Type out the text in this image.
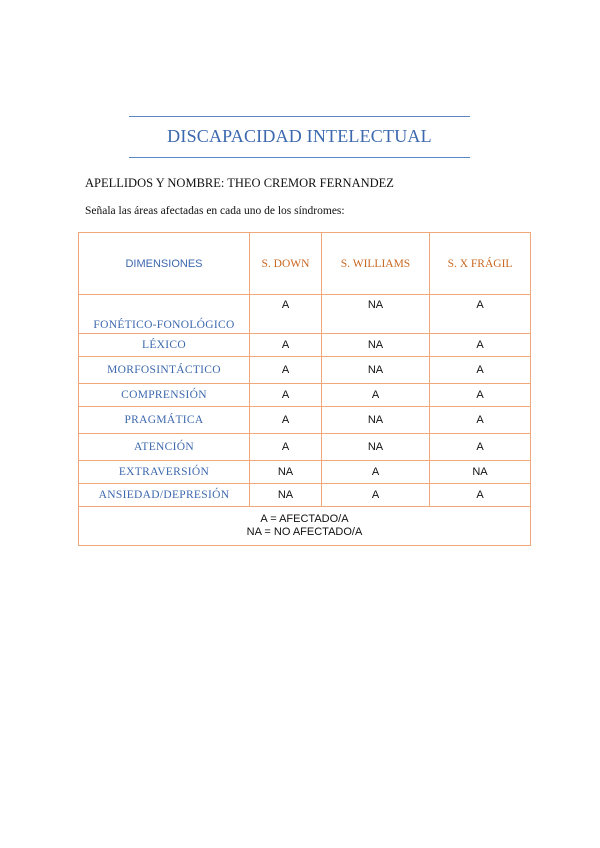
DISCAPACIDAD INTELECTUAL
APELLIDOS Y NOMBRE: THEO CREMOR FERNANDEZ
Señala las áreas afectadas en cada uno de los síndromes:
DIMENSIONES	S. DOWN	S. WILLIAMS	S. X FRÁGIL
FONÉTICO-FONOLÓGICO	A	NA	A
LÉXICO	A	NA	A
MORFOSINTÁCTICO	A	NA	A
COMPRENSIÓN	A	A	A
PRAGMÁTICA	A	NA	A
ATENCIÓN	A	NA	A
EXTRAVERSIÓN	NA	A	NA
ANSIEDAD/DEPRESIÓN	NA	A	A

A = AFECTADO/A
NA = NO AFECTADO/A			
